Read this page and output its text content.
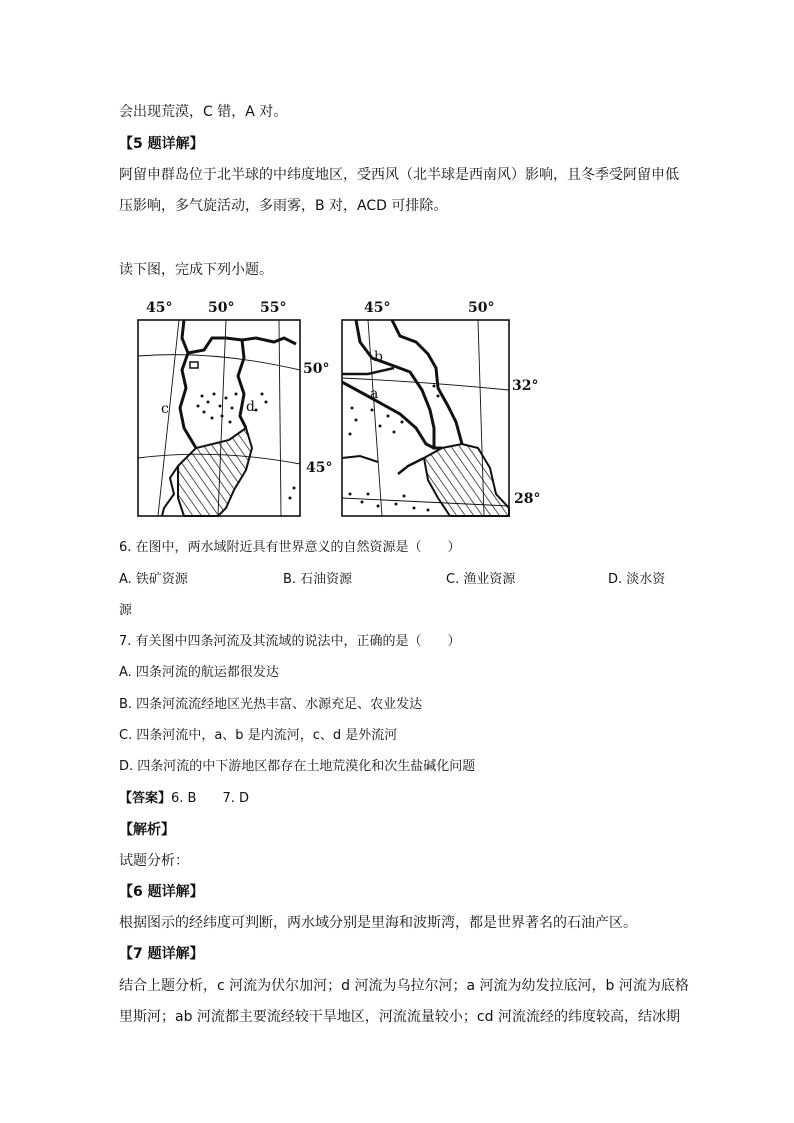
会出现荒漠，C 错，A 对。
【5 题详解】
阿留申群岛位于北半球的中纬度地区，受西风（北半球是西南风）影响，且冬季受阿留申低
压影响，多气旋活动，多雨雾，B 对，ACD 可排除。
读下图，完成下列小题。
45°	50° 55°
50°
45°
c	d
45°	50°
32°
28°
b
a
6. 在图中，两水域附近具有世界意义的自然资源是（　　）
A. 铁矿资源	B. 石油资源	C. 渔业资源	D. 淡水资
源
7. 有关图中四条河流及其流域的说法中，正确的是（　　）
A. 四条河流的航运都很发达
B. 四条河流流经地区光热丰富、水源充足、农业发达
C. 四条河流中，a、b 是内流河，c、d 是外流河
D. 四条河流的中下游地区都存在土地荒漠化和次生盐碱化问题
【答案】6. B　　7. D
【解析】
试题分析：
【6 题详解】
根据图示的经纬度可判断，两水域分别是里海和波斯湾，都是世界著名的石油产区。
【7 题详解】
结合上题分析，c 河流为伏尔加河；d 河流为乌拉尔河；a 河流为幼发拉底河，b 河流为底格
里斯河；ab 河流都主要流经较干旱地区，河流流量较小；cd 河流流经的纬度较高，结冰期
